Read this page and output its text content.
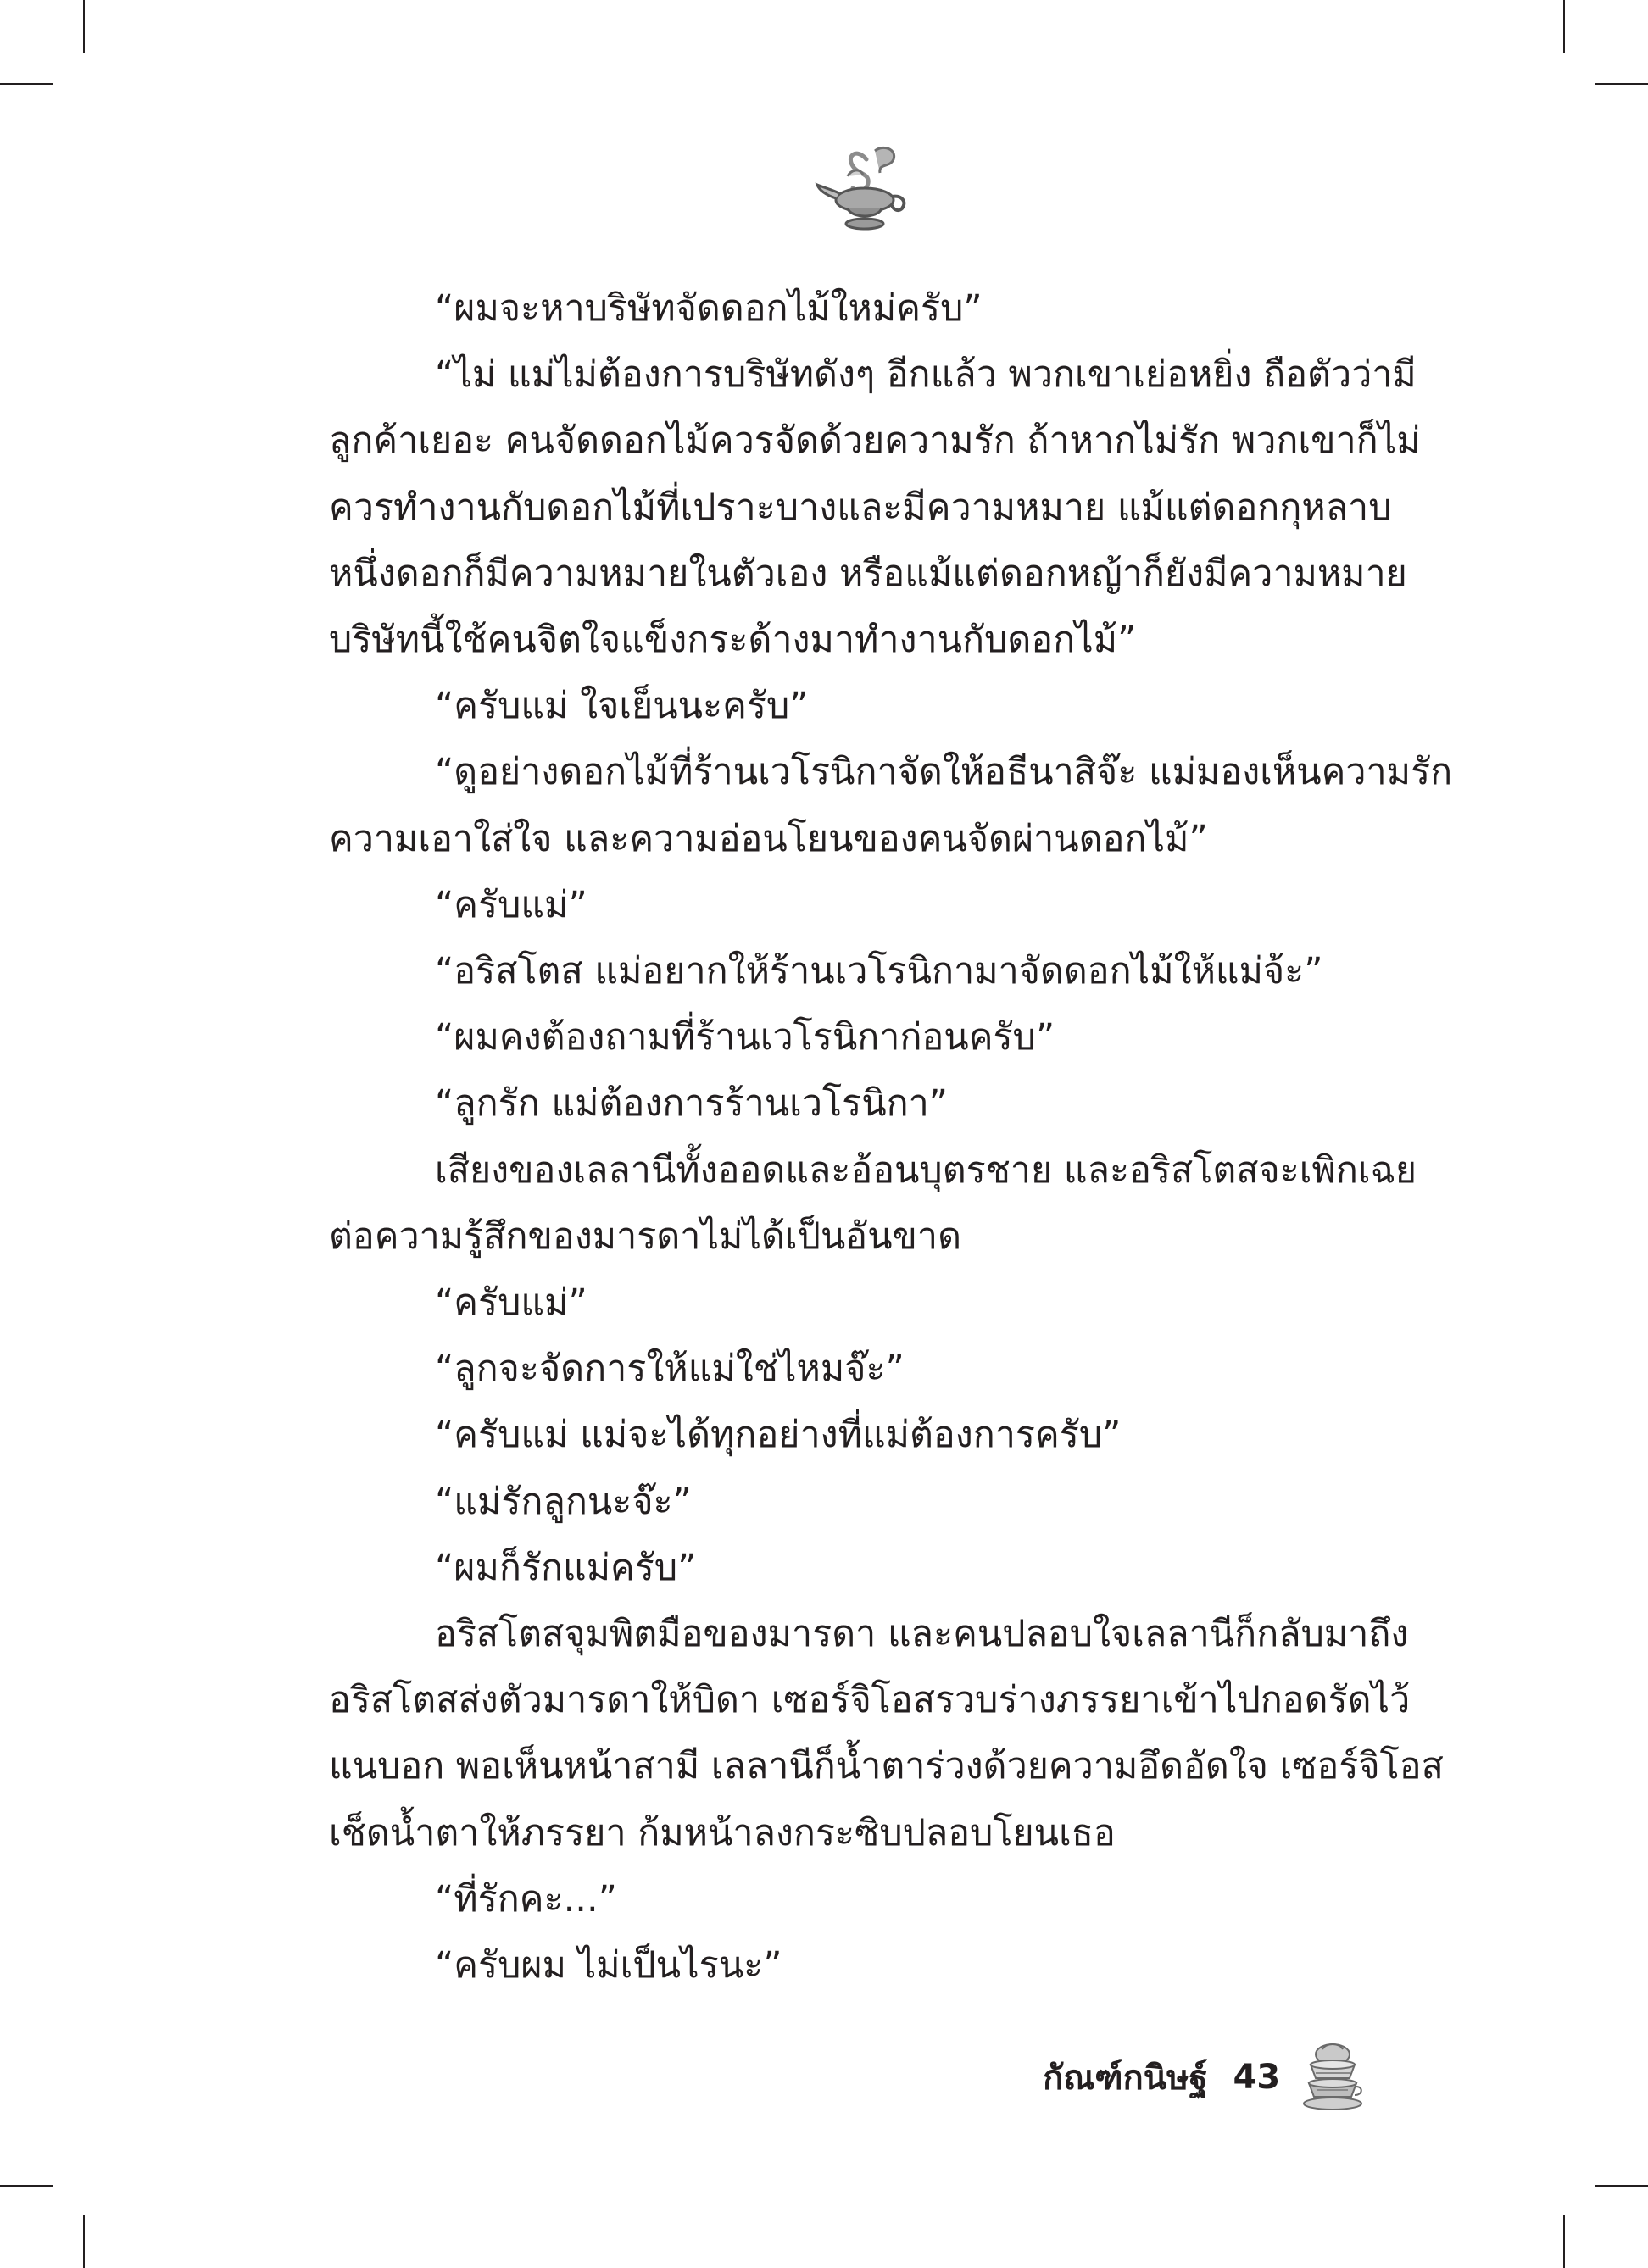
“ผมจะหาบริษัทจัดดอกไม้ใหม่ครับ”

“ไม่ แม่ไม่ต้องการบริษัทดังๆ อีกแล้ว พวกเขาเย่อหยิ่ง ถือตัวว่ามี

ลูกค้าเยอะ คนจัดดอกไม้ควรจัดด้วยความรัก ถ้าหากไม่รัก พวกเขาก็ไม่

ควรทำงานกับดอกไม้ที่เปราะบางและมีความหมาย แม้แต่ดอกกุหลาบ

หนึ่งดอกก็มีความหมายในตัวเอง หรือแม้แต่ดอกหญ้าก็ยังมีความหมาย

บริษัทนี้ใช้คนจิตใจแข็งกระด้างมาทำงานกับดอกไม้”

“ครับแม่ ใจเย็นนะครับ”

“ดูอย่างดอกไม้ที่ร้านเวโรนิกาจัดให้อธีนาสิจ๊ะ แม่มองเห็นความรัก

ความเอาใส่ใจ และความอ่อนโยนของคนจัดผ่านดอกไม้”

“ครับแม่”

“อริสโตส แม่อยากให้ร้านเวโรนิกามาจัดดอกไม้ให้แม่จ้ะ”

“ผมคงต้องถามที่ร้านเวโรนิกาก่อนครับ”

“ลูกรัก แม่ต้องการร้านเวโรนิกา”

เสียงของเลลานีทั้งออดและอ้อนบุตรชาย และอริสโตสจะเพิกเฉย

ต่อความรู้สึกของมารดาไม่ได้เป็นอันขาด

“ครับแม่”

“ลูกจะจัดการให้แม่ใช่ไหมจ๊ะ”

“ครับแม่ แม่จะได้ทุกอย่างที่แม่ต้องการครับ”

“แม่รักลูกนะจ๊ะ”

“ผมก็รักแม่ครับ”

อริสโตสจุมพิตมือของมารดา และคนปลอบใจเลลานีก็กลับมาถึง

อริสโตสส่งตัวมารดาให้บิดา เซอร์จิโอสรวบร่างภรรยาเข้าไปกอดรัดไว้

แนบอก พอเห็นหน้าสามี เลลานีก็น้ำตาร่วงด้วยความอึดอัดใจ เซอร์จิโอส

เช็ดน้ำตาให้ภรรยา ก้มหน้าลงกระซิบปลอบโยนเธอ

“ที่รักคะ...”

“ครับผม ไม่เป็นไรนะ”

กัณฑ์กนิษฐ์ 43
